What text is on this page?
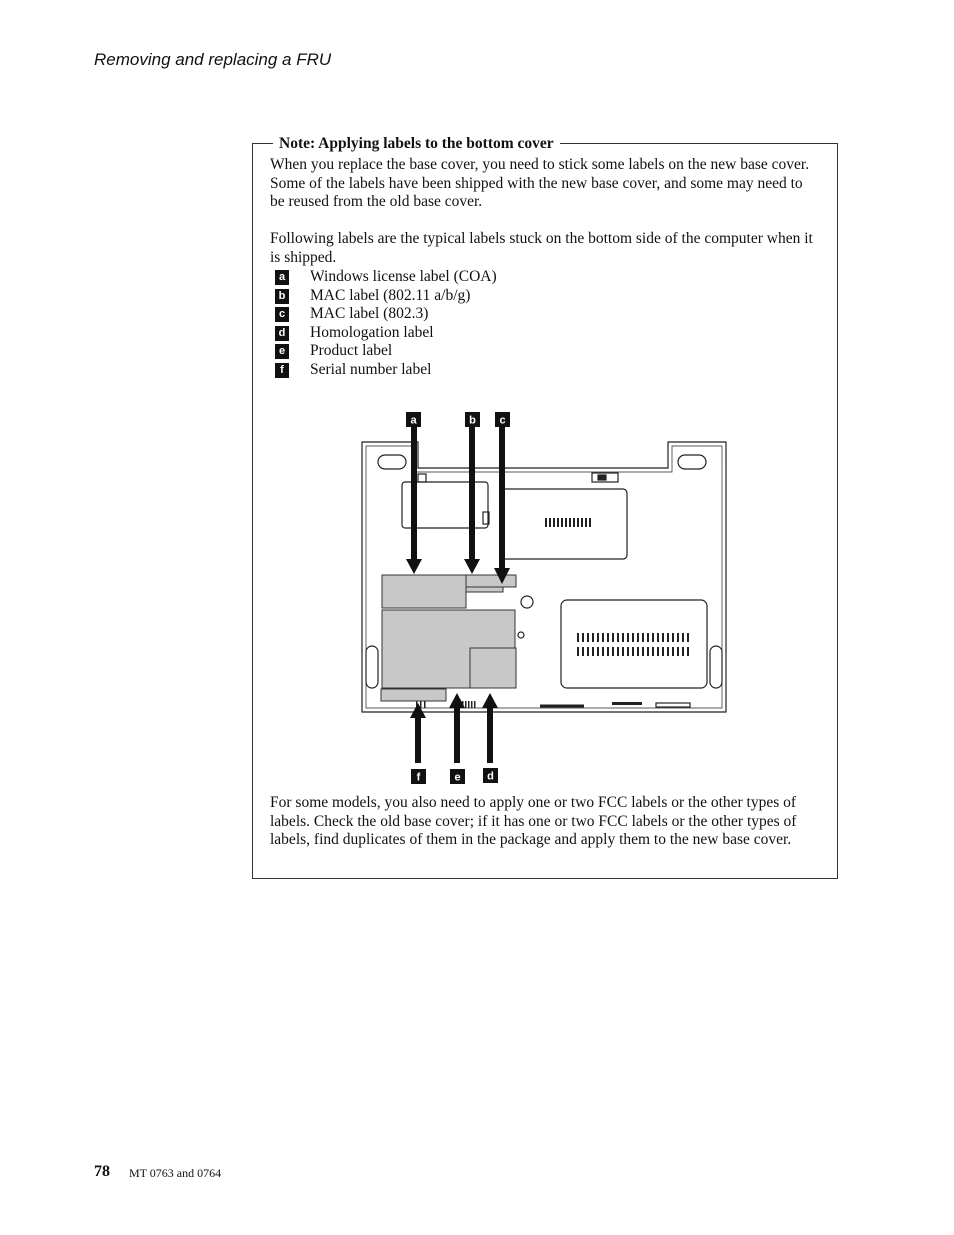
Removing and replacing a FRU
Note: Applying labels to the bottom cover
When you replace the base cover, you need to stick some labels on the new base cover. Some of the labels have been shipped with the new base cover, and some may need to be reused from the old base cover.
Following labels are the typical labels stuck on the bottom side of the computer when it is shipped.
a Windows license label (COA)
b MAC label (802.11 a/b/g)
c MAC label (802.3)
d Homologation label
e Product label
f Serial number label
For some models, you also need to apply one or two FCC labels or the other types of labels. Check the old base cover; if it has one or two FCC labels or the other types of labels, find duplicates of them in the package and apply them to the new base cover.
a	b c
f	e d
78 MT 0763 and 0764
